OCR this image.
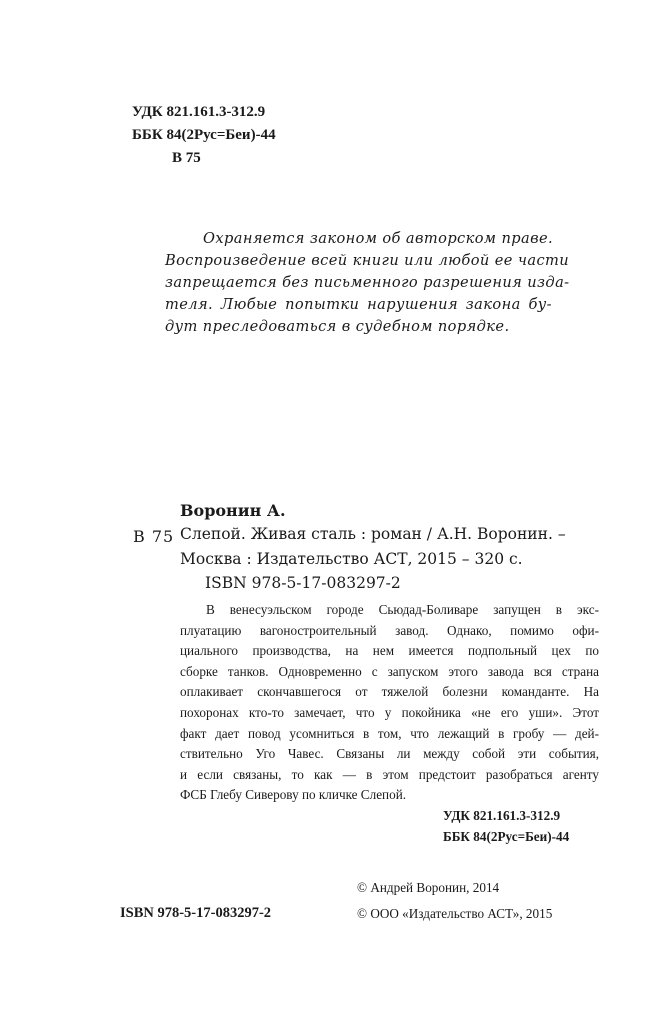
УДК 821.161.3-312.9
ББК 84(2Рус=Беи)-44
В 75
Охраняется законом об авторском праве.
Воспроизведение всей книги или любой ее части
запрещается без письменного разрешения изда-
теля. Любые попытки нарушения закона бу-
дут преследоваться в судебном порядке.
Воронин А.
В 75 Слепой. Живая сталь : роман / А.Н. Воронин. –
Москва : Издательство АСТ, 2015 – 320 с.
ISBN 978-5-17-083297-2
В венесуэльском городе Сьюдад-Боливаре запущен в экс-
плуатацию вагоностроительный завод. Однако, помимо офи-
циального производства, на нем имеется подпольный цех по
сборке танков. Одновременно с запуском этого завода вся страна
оплакивает скончавшегося от тяжелой болезни команданте. На
похоронах кто-то замечает, что у покойника «не его уши». Этот
факт дает повод усомниться в том, что лежащий в гробу — дей-
ствительно Уго Чавес. Связаны ли между собой эти события,
и если связаны, то как — в этом предстоит разобраться агенту
ФСБ Глебу Сиверову по кличке Слепой.
УДК 821.161.3-312.9
ББК 84(2Рус=Беи)-44
© Андрей Воронин, 2014
ISBN 978-5-17-083297-2	© ООО «Издательство АСТ», 2015
